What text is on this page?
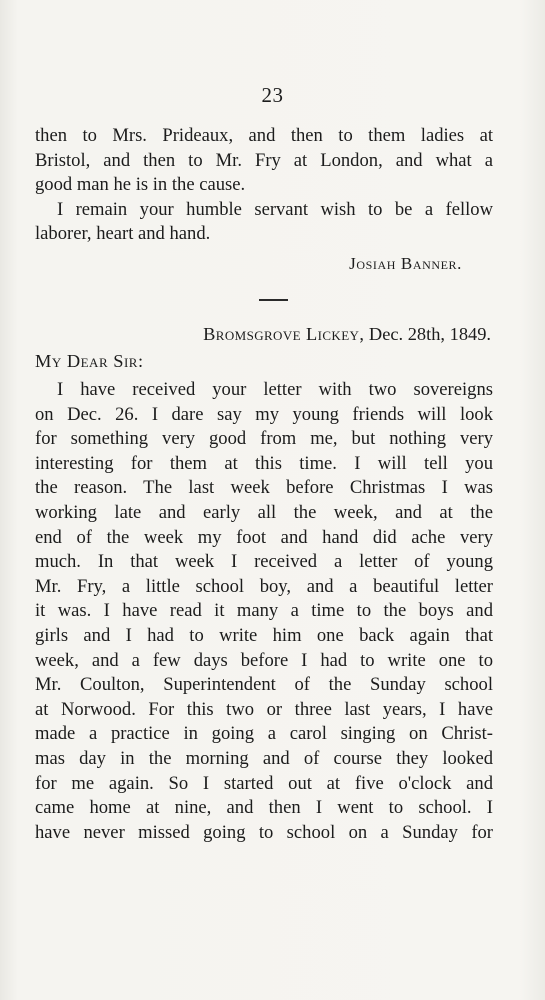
23
then to Mrs. Prideaux, and then to them ladies at
Bristol, and then to Mr. Fry at London, and what a
good man he is in the cause.
I remain your humble servant wish to be a fellow
laborer, heart and hand.
Josiah Banner.
Bromsgrove Lickey, Dec. 28th, 1849.
My Dear Sir:
I have received your letter with two sovereigns
on Dec. 26. I dare say my young friends will look
for something very good from me, but nothing very
interesting for them at this time. I will tell you
the reason. The last week before Christmas I was
working late and early all the week, and at the
end of the week my foot and hand did ache very
much. In that week I received a letter of young
Mr. Fry, a little school boy, and a beautiful letter
it was. I have read it many a time to the boys and
girls and I had to write him one back again that
week, and a few days before I had to write one to
Mr. Coulton, Superintendent of the Sunday school
at Norwood. For this two or three last years, I have
made a practice in going a carol singing on Christ-
mas day in the morning and of course they looked
for me again. So I started out at five o'clock and
came home at nine, and then I went to school. I
have never missed going to school on a Sunday for
